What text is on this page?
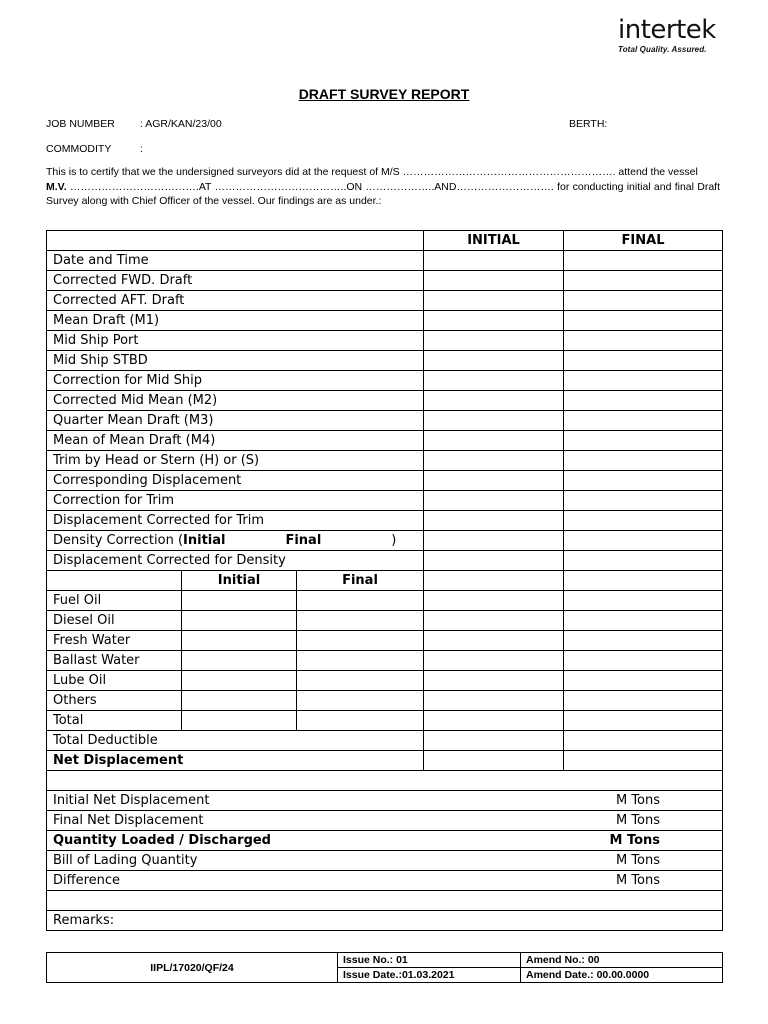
intertek
Total Quality. Assured.
DRAFT SURVEY REPORT
JOB NUMBER : AGR/KAN/23/00	BERTH:
COMMODITY	:
This is to certify that we the undersigned surveyors did at the request of M/S ……………………………………………………. attend the vessel
M.V. ……………………………….AT ………………………………..ON ………………..AND………………………. for conducting initial and final Draft Survey along with Chief Officer of the vessel. Our findings are as under.:
			INITIAL	FINAL
Date and Time				
Corrected FWD. Draft				
Corrected AFT. Draft				
Mean Draft (M1)				
Mid Ship Port				
Mid Ship STBD				
Correction for Mid Ship				
Corrected Mid Mean (M2)				
Quarter Mean Draft (M3)				
Mean of Mean Draft (M4)				
Trim by Head or Stern (H) or (S)				
Corresponding Displacement				
Correction for Trim				
Displacement Corrected for Trim				
Density Correction (Initial Final )				
Displacement Corrected for Density				
	Initial	Final		
Fuel Oil				
Diesel Oil				
Fresh Water				
Ballast Water				
Lube Oil				
Others				
Total				
Total Deductible				
Net Displacement				

Initial Net Displacement			M Tons	
Final Net Displacement			M Tons	
Quantity Loaded / Discharged			M Tons	
Bill of Lading Quantity			M Tons	
Difference			M Tons	

Remarks:				
IIPL/17020/QF/24	Issue No.: 01	Amend No.: 00
	Issue Date.:01.03.2021	Amend Date.: 00.00.0000
